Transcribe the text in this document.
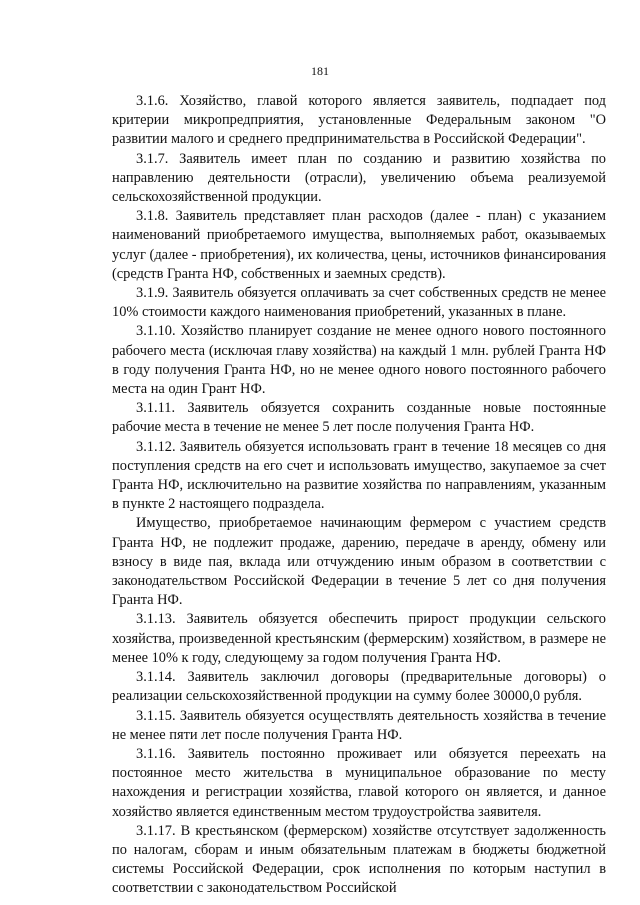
181

3.1.6. Хозяйство, главой которого является заявитель, подпадает под критерии микропредприятия, установленные Федеральным законом "О развитии малого и среднего предпринимательства в Российской Федерации".

3.1.7. Заявитель имеет план по созданию и развитию хозяйства по направлению деятельности (отрасли), увеличению объема реализуемой сельскохозяйственной продукции.

3.1.8. Заявитель представляет план расходов (далее - план) с указанием наименований приобретаемого имущества, выполняемых работ, оказываемых услуг (далее - приобретения), их количества, цены, источников финансирования (средств Гранта НФ, собственных и заемных средств).

3.1.9. Заявитель обязуется оплачивать за счет собственных средств не менее 10% стоимости каждого наименования приобретений, указанных в плане.

3.1.10. Хозяйство планирует создание не менее одного нового постоянного рабочего места (исключая главу хозяйства) на каждый 1 млн. рублей Гранта НФ в году получения Гранта НФ, но не менее одного нового постоянного рабочего места на один Грант НФ.

3.1.11. Заявитель обязуется сохранить созданные новые постоянные рабочие места в течение не менее 5 лет после получения Гранта НФ.

3.1.12. Заявитель обязуется использовать грант в течение 18 месяцев со дня поступления средств на его счет и использовать имущество, закупаемое за счет Гранта НФ, исключительно на развитие хозяйства по направлениям, указанным в пункте 2 настоящего подраздела.

Имущество, приобретаемое начинающим фермером с участием средств Гранта НФ, не подлежит продаже, дарению, передаче в аренду, обмену или взносу в виде пая, вклада или отчуждению иным образом в соответствии с законодательством Российской Федерации в течение 5 лет со дня получения Гранта НФ.

3.1.13. Заявитель обязуется обеспечить прирост продукции сельского хозяйства, произведенной крестьянским (фермерским) хозяйством, в размере не менее 10% к году, следующему за годом получения Гранта НФ.

3.1.14. Заявитель заключил договоры (предварительные договоры) о реализации сельскохозяйственной продукции на сумму более 30000,0 рубля.

3.1.15. Заявитель обязуется осуществлять деятельность хозяйства в течение не менее пяти лет после получения Гранта НФ.

3.1.16. Заявитель постоянно проживает или обязуется переехать на постоянное место жительства в муниципальное образование по месту нахождения и регистрации хозяйства, главой которого он является, и данное хозяйство является единственным местом трудоустройства заявителя.

3.1.17. В крестьянском (фермерском) хозяйстве отсутствует задолженность по налогам, сборам и иным обязательным платежам в бюджеты бюджетной системы Российской Федерации, срок исполнения по которым наступил в соответствии с законодательством Российской
